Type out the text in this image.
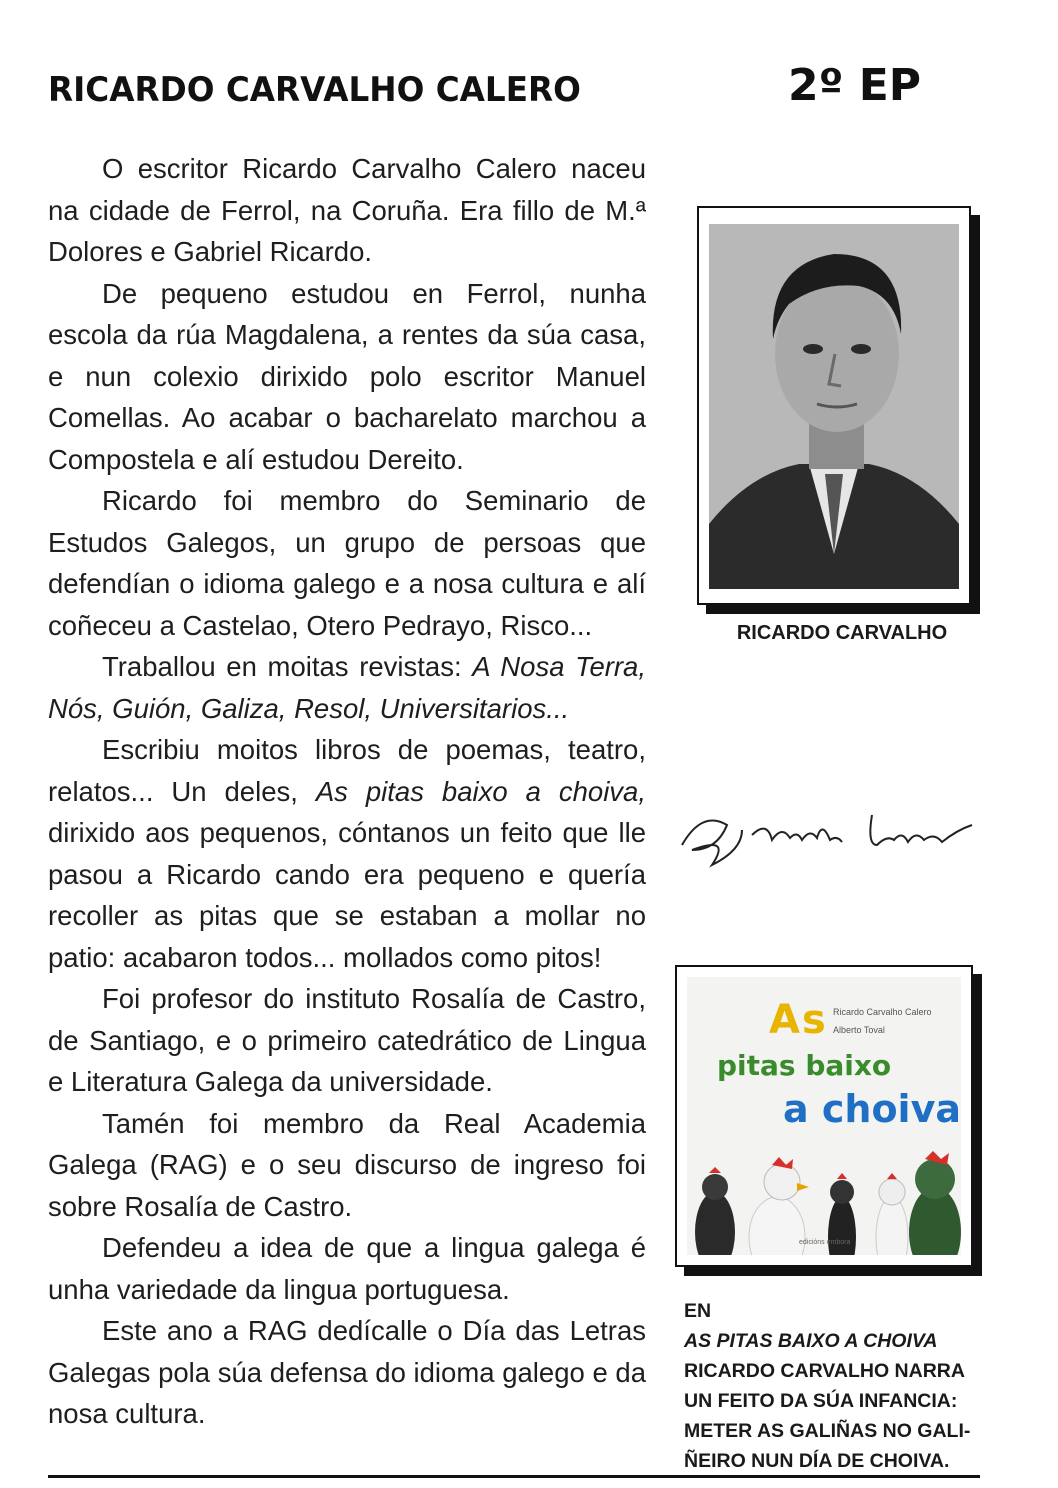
RICARDO CARVALHO CALERO	2º EP

O escritor Ricardo Carvalho Calero naceu na cidade de Ferrol, na Coruña. Era fillo de M.ª Dolores e Gabriel Ricardo.

De pequeno estudou en Ferrol, nunha escola da rúa Magdalena, a rentes da súa casa, e nun colexio dirixido polo escritor Manuel Comellas. Ao acabar o bacharelato marchou a Compostela e alí estudou Dereito.

Ricardo foi membro do Seminario de Estudos Galegos, un grupo de persoas que defendían o idioma galego e a nosa cultura e alí coñeceu a Castelao, Otero Pedrayo, Risco...

Traballou en moitas revistas: A Nosa Terra, Nós, Guión, Galiza, Resol, Universitarios...

Escribiu moitos libros de poemas, teatro, relatos... Un deles, As pitas baixo a choiva, dirixido aos pequenos, cóntanos un feito que lle pasou a Ricardo cando era pequeno e quería recoller as pitas que se estaban a mollar no patio: acabaron todos... mollados como pitos!

Foi profesor do instituto Rosalía de Castro, de Santiago, e o primeiro catedrático de Lingua e Literatura Galega da universidade.

Tamén foi membro da Real Academia Galega (RAG) e o seu discurso de ingreso foi sobre Rosalía de Castro.

Defendeu a idea de que a lingua galega é unha variedade da lingua portuguesa.

Este ano a RAG dedícalle o Día das Letras Galegas pola súa defensa do idioma galego e da nosa cultura.

RICARDO CARVALHO
As Ricardo Carvalho Calero
Alberto Toval
pitas baixo
a choiva
edicións embora
EN
AS PITAS BAIXO A CHOIVA
RICARDO CARVALHO NARRA
UN FEITO DA SÚA INFANCIA:
METER AS GALIÑAS NO GALI-
ÑEIRO NUN DÍA DE CHOIVA.
